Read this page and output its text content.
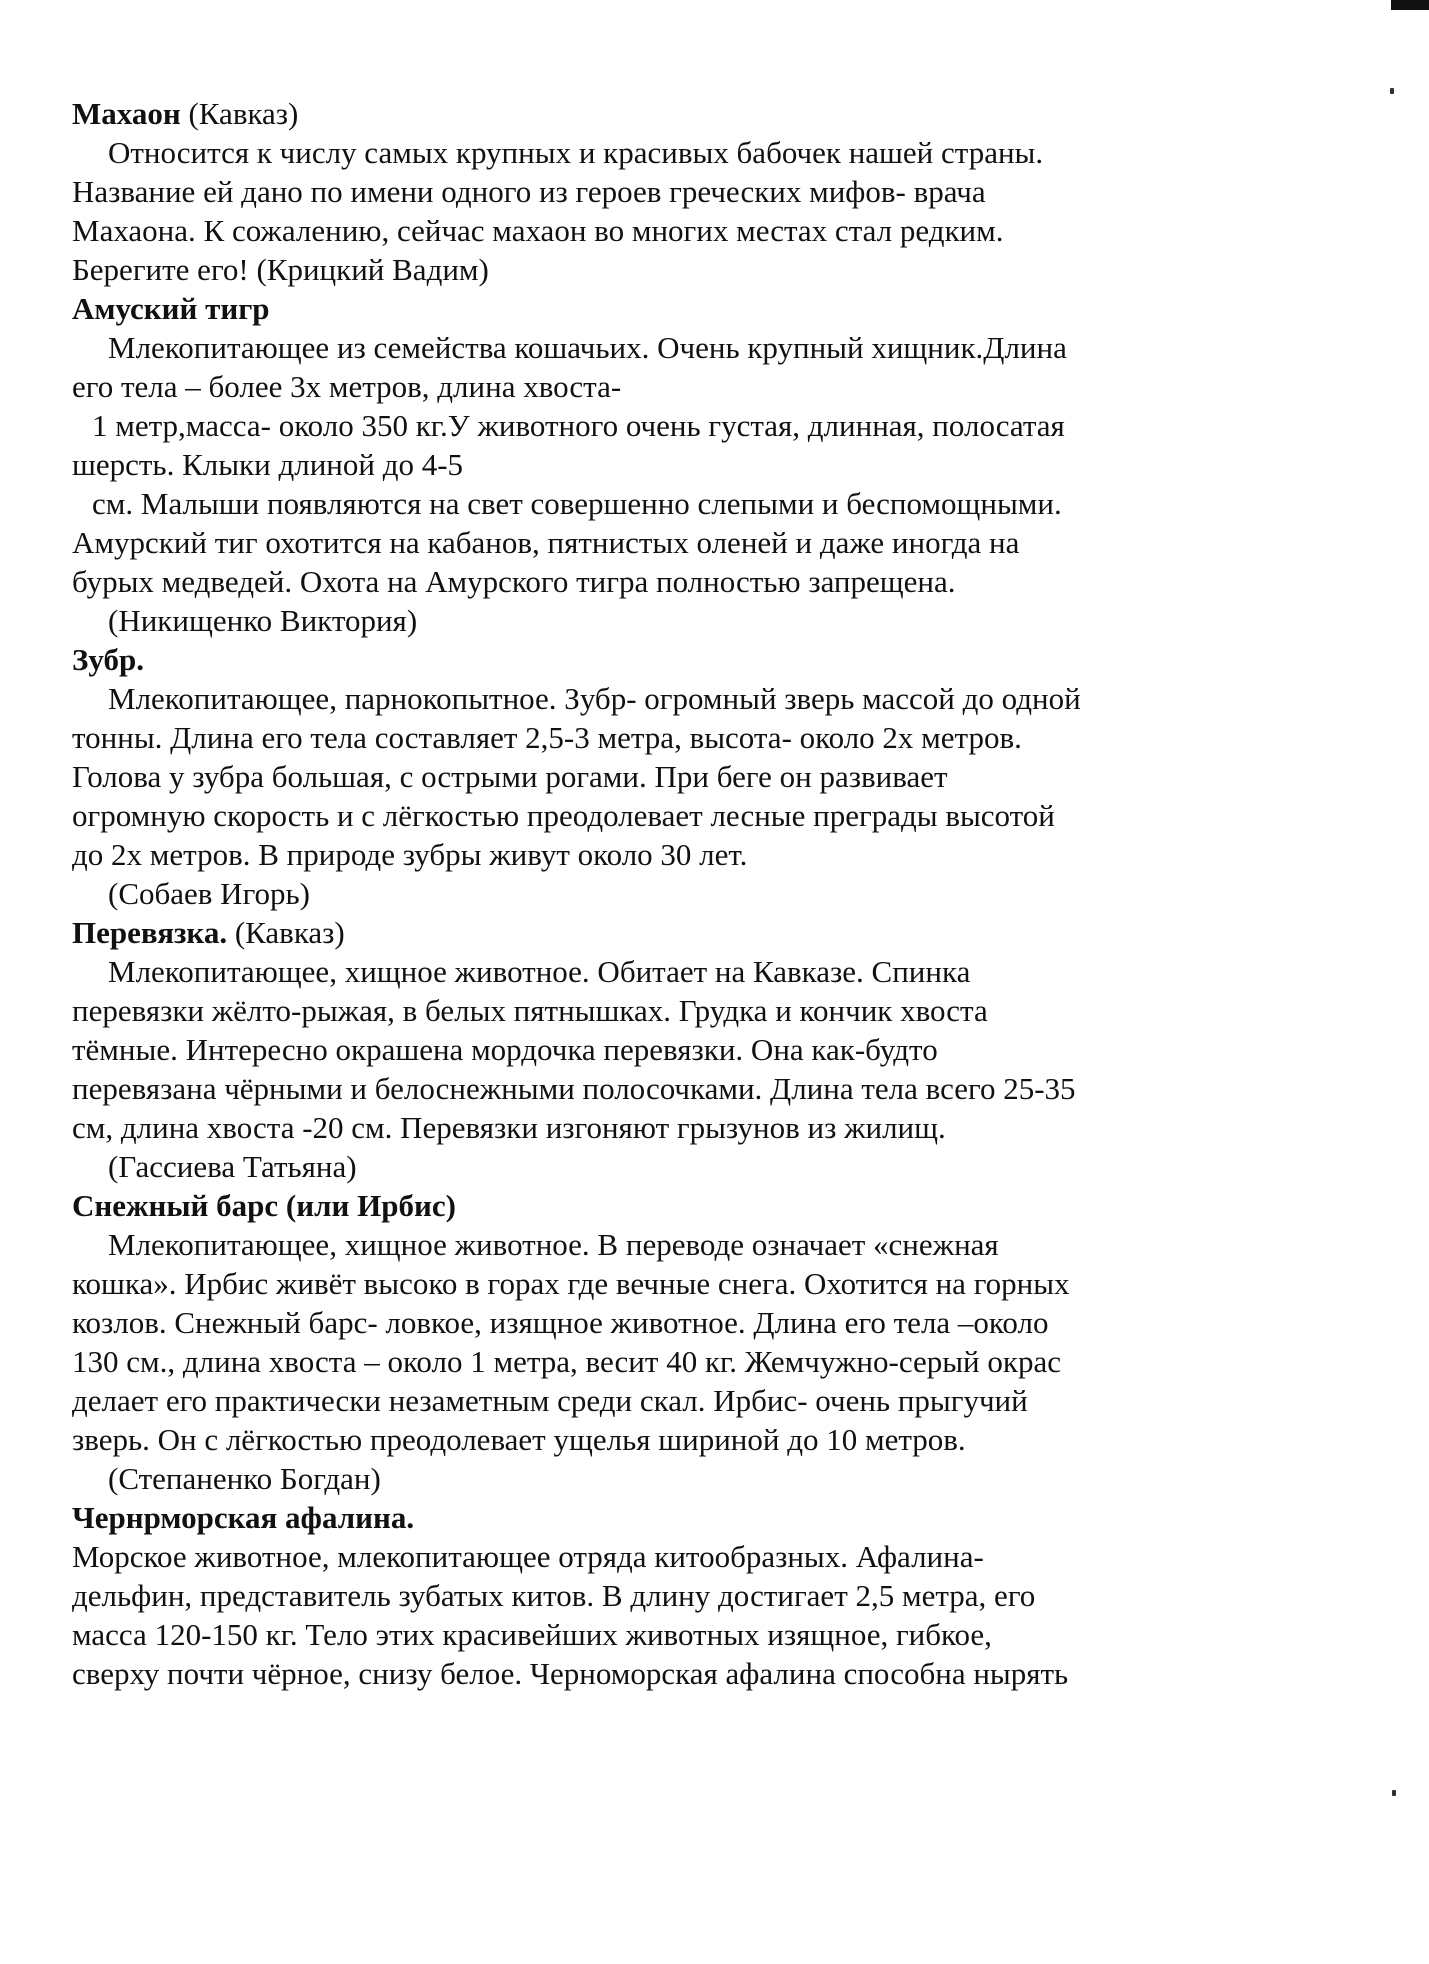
Махаон (Кавказ)
Относится к числу самых крупных и красивых бабочек нашей страны.
Название ей дано по имени одного из героев греческих мифов- врача
Махаона. К сожалению, сейчас махаон во многих местах стал редким.
Берегите его! (Крицкий Вадим)
Амуский тигр
Млекопитающее из семейства кошачьих. Очень крупный хищник.Длина
его тела – более 3х метров, длина хвоста-
1 метр,масса- около 350 кг.У животного очень густая, длинная, полосатая
шерсть. Клыки длиной до 4-5
см. Малыши появляются на свет совершенно слепыми и беспомощными.
Амурский тиг охотится на кабанов, пятнистых оленей и даже иногда на
бурых медведей. Охота на Амурского тигра полностью запрещена.
(Никищенко Виктория)
Зубр.
Млекопитающее, парнокопытное. Зубр- огромный зверь массой до одной
тонны. Длина его тела составляет 2,5-3 метра, высота- около 2х метров.
Голова у зубра большая, с острыми рогами. При беге он развивает
огромную скорость и с лёгкостью преодолевает лесные преграды высотой
до 2х метров. В природе зубры живут около 30 лет.
(Собаев Игорь)
Перевязка. (Кавказ)
Млекопитающее, хищное животное. Обитает на Кавказе. Спинка
перевязки жёлто-рыжая, в белых пятнышках. Грудка и кончик хвоста
тёмные. Интересно окрашена мордочка перевязки. Она как-будто
перевязана чёрными и белоснежными полосочками. Длина тела всего 25-35
см, длина хвоста -20 см. Перевязки изгоняют грызунов из жилищ.
(Гассиева Татьяна)
Снежный барс (или Ирбис)
Млекопитающее, хищное животное. В переводе означает «снежная
кошка». Ирбис живёт высоко в горах где вечные снега. Охотится на горных
козлов. Снежный барс- ловкое, изящное животное. Длина его тела –около
130 см., длина хвоста – около 1 метра, весит 40 кг. Жемчужно-серый окрас
делает его практически незаметным среди скал. Ирбис- очень прыгучий
зверь. Он с лёгкостью преодолевает ущелья шириной до 10 метров.
(Степаненко Богдан)
Чернрморская афалина.
Морское животное, млекопитающее отряда китообразных. Афалина-
дельфин, представитель зубатых китов. В длину достигает 2,5 метра, его
масса 120-150 кг. Тело этих красивейших животных изящное, гибкое,
сверху почти чёрное, снизу белое. Черноморская афалина способна нырять
